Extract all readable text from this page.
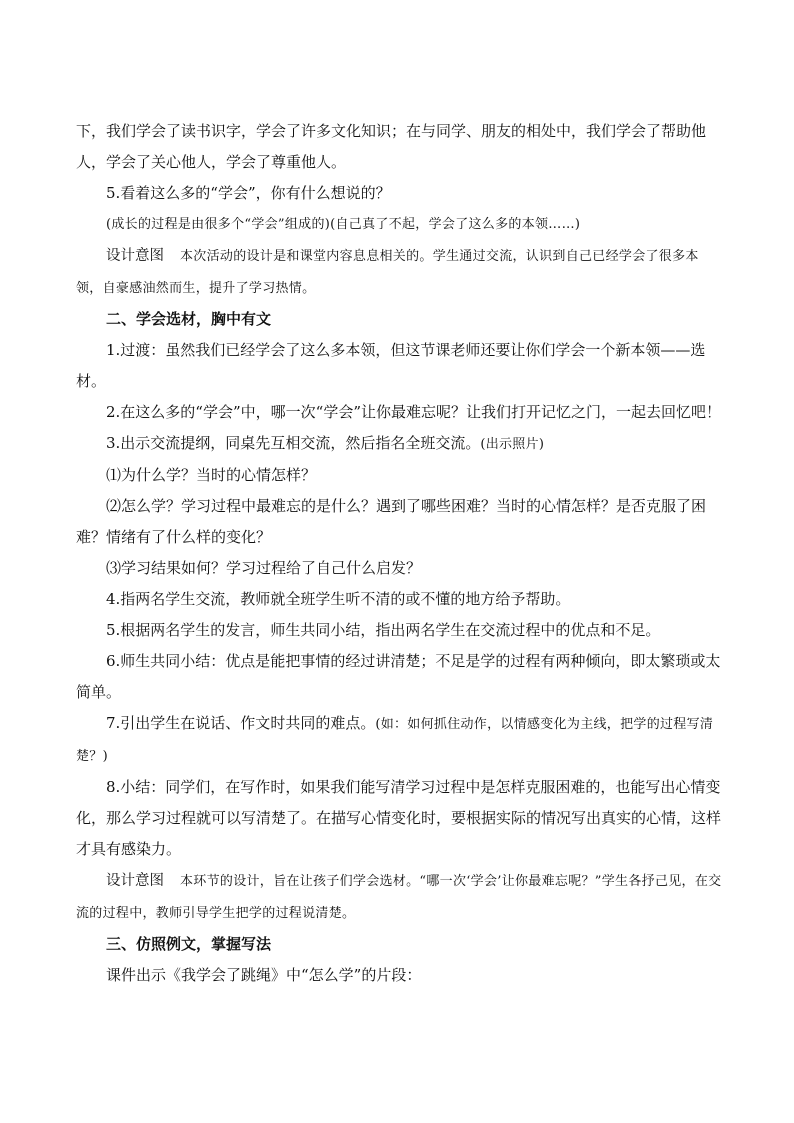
下，我们学会了读书识字，学会了许多文化知识；在与同学、朋友的相处中，我们学会了帮助他人，学会了关心他人，学会了尊重他人。

5.看着这么多的“学会”，你有什么想说的？

(成长的过程是由很多个“学会”组成的)(自己真了不起，学会了这么多的本领……)

设计意图 本次活动的设计是和课堂内容息息相关的。学生通过交流，认识到自己已经学会了很多本领，自豪感油然而生，提升了学习热情。

二、学会选材，胸中有文

1.过渡：虽然我们已经学会了这么多本领，但这节课老师还要让你们学会一个新本领——选材。

2.在这么多的“学会”中，哪一次“学会”让你最难忘呢？让我们打开记忆之门，一起去回忆吧！

3.出示交流提纲，同桌先互相交流，然后指名全班交流。(出示照片)

⑴为什么学？当时的心情怎样？

⑵怎么学？学习过程中最难忘的是什么？遇到了哪些困难？当时的心情怎样？是否克服了困难？情绪有了什么样的变化？

⑶学习结果如何？学习过程给了自己什么启发？

4.指两名学生交流，教师就全班学生听不清的或不懂的地方给予帮助。

5.根据两名学生的发言，师生共同小结，指出两名学生在交流过程中的优点和不足。

6.师生共同小结：优点是能把事情的经过讲清楚；不足是学的过程有两种倾向，即太繁琐或太简单。

7.引出学生在说话、作文时共同的难点。(如：如何抓住动作，以情感变化为主线，把学的过程写清楚？)

8.小结：同学们，在写作时，如果我们能写清学习过程中是怎样克服困难的，也能写出心情变化，那么学习过程就可以写清楚了。在描写心情变化时，要根据实际的情况写出真实的心情，这样才具有感染力。

设计意图 本环节的设计，旨在让孩子们学会选材。“哪一次‘学会’让你最难忘呢？”学生各抒己见，在交流的过程中，教师引导学生把学的过程说清楚。

三、仿照例文，掌握写法

课件出示《我学会了跳绳》中“怎么学”的片段：
